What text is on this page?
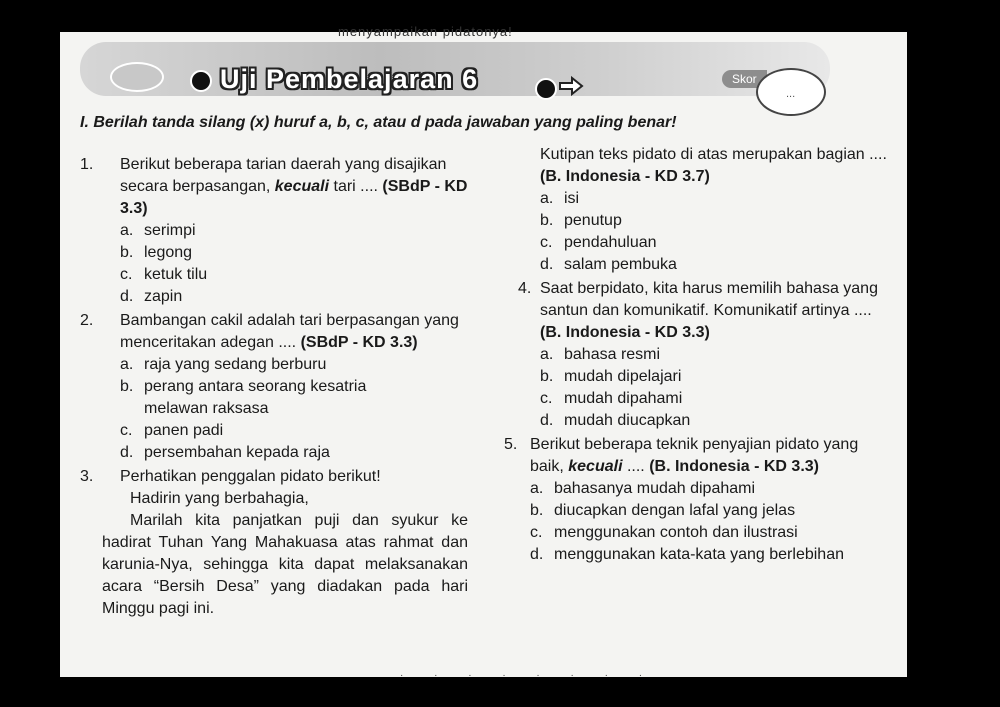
menyampaikan pidatonya!
Uji Pembelajaran 6	Skor
...
I. Berilah tanda silang (x) huruf a, b, c, atau d pada jawaban yang paling benar!
1. Berikut beberapa tarian daerah yang disajikan secara berpasangan, kecuali tari .... (SBdP - KD 3.3)
a. serimpi
b. legong
c. ketuk tilu
d. zapin
2. Bambangan cakil adalah tari berpasangan yang menceritakan adegan .... (SBdP - KD 3.3)
a. raja yang sedang berburu
b. perang antara seorang kesatria melawan raksasa
c. panen padi
d. persembahan kepada raja
3. Perhatikan penggalan pidato berikut!
Hadirin yang berbahagia,
Marilah kita panjatkan puji dan syukur ke hadirat Tuhan Yang Mahakuasa atas rahmat dan karunia-Nya, sehingga kita dapat melaksanakan acara “Bersih Desa” yang diadakan pada hari Minggu pagi ini.
Kutipan teks pidato di atas merupakan bagian .... (B. Indonesia - KD 3.7)
a. isi
b. penutup
c. pendahuluan
d. salam pembuka
4. Saat berpidato, kita harus memilih bahasa yang santun dan komunikatif. Komunikatif artinya .... (B. Indonesia - KD 3.3)
a. bahasa resmi
b. mudah dipelajari
c. mudah dipahami
d. mudah diucapkan
5. Berikut beberapa teknik penyajian pidato yang baik, kecuali .... (B. Indonesia - KD 3.3)
a. bahasanya mudah dipahami
b. diucapkan dengan lafal yang jelas
c. menggunakan contoh dan ilustrasi
d. menggunakan kata-kata yang berlebihan
· · · · · · · ·
